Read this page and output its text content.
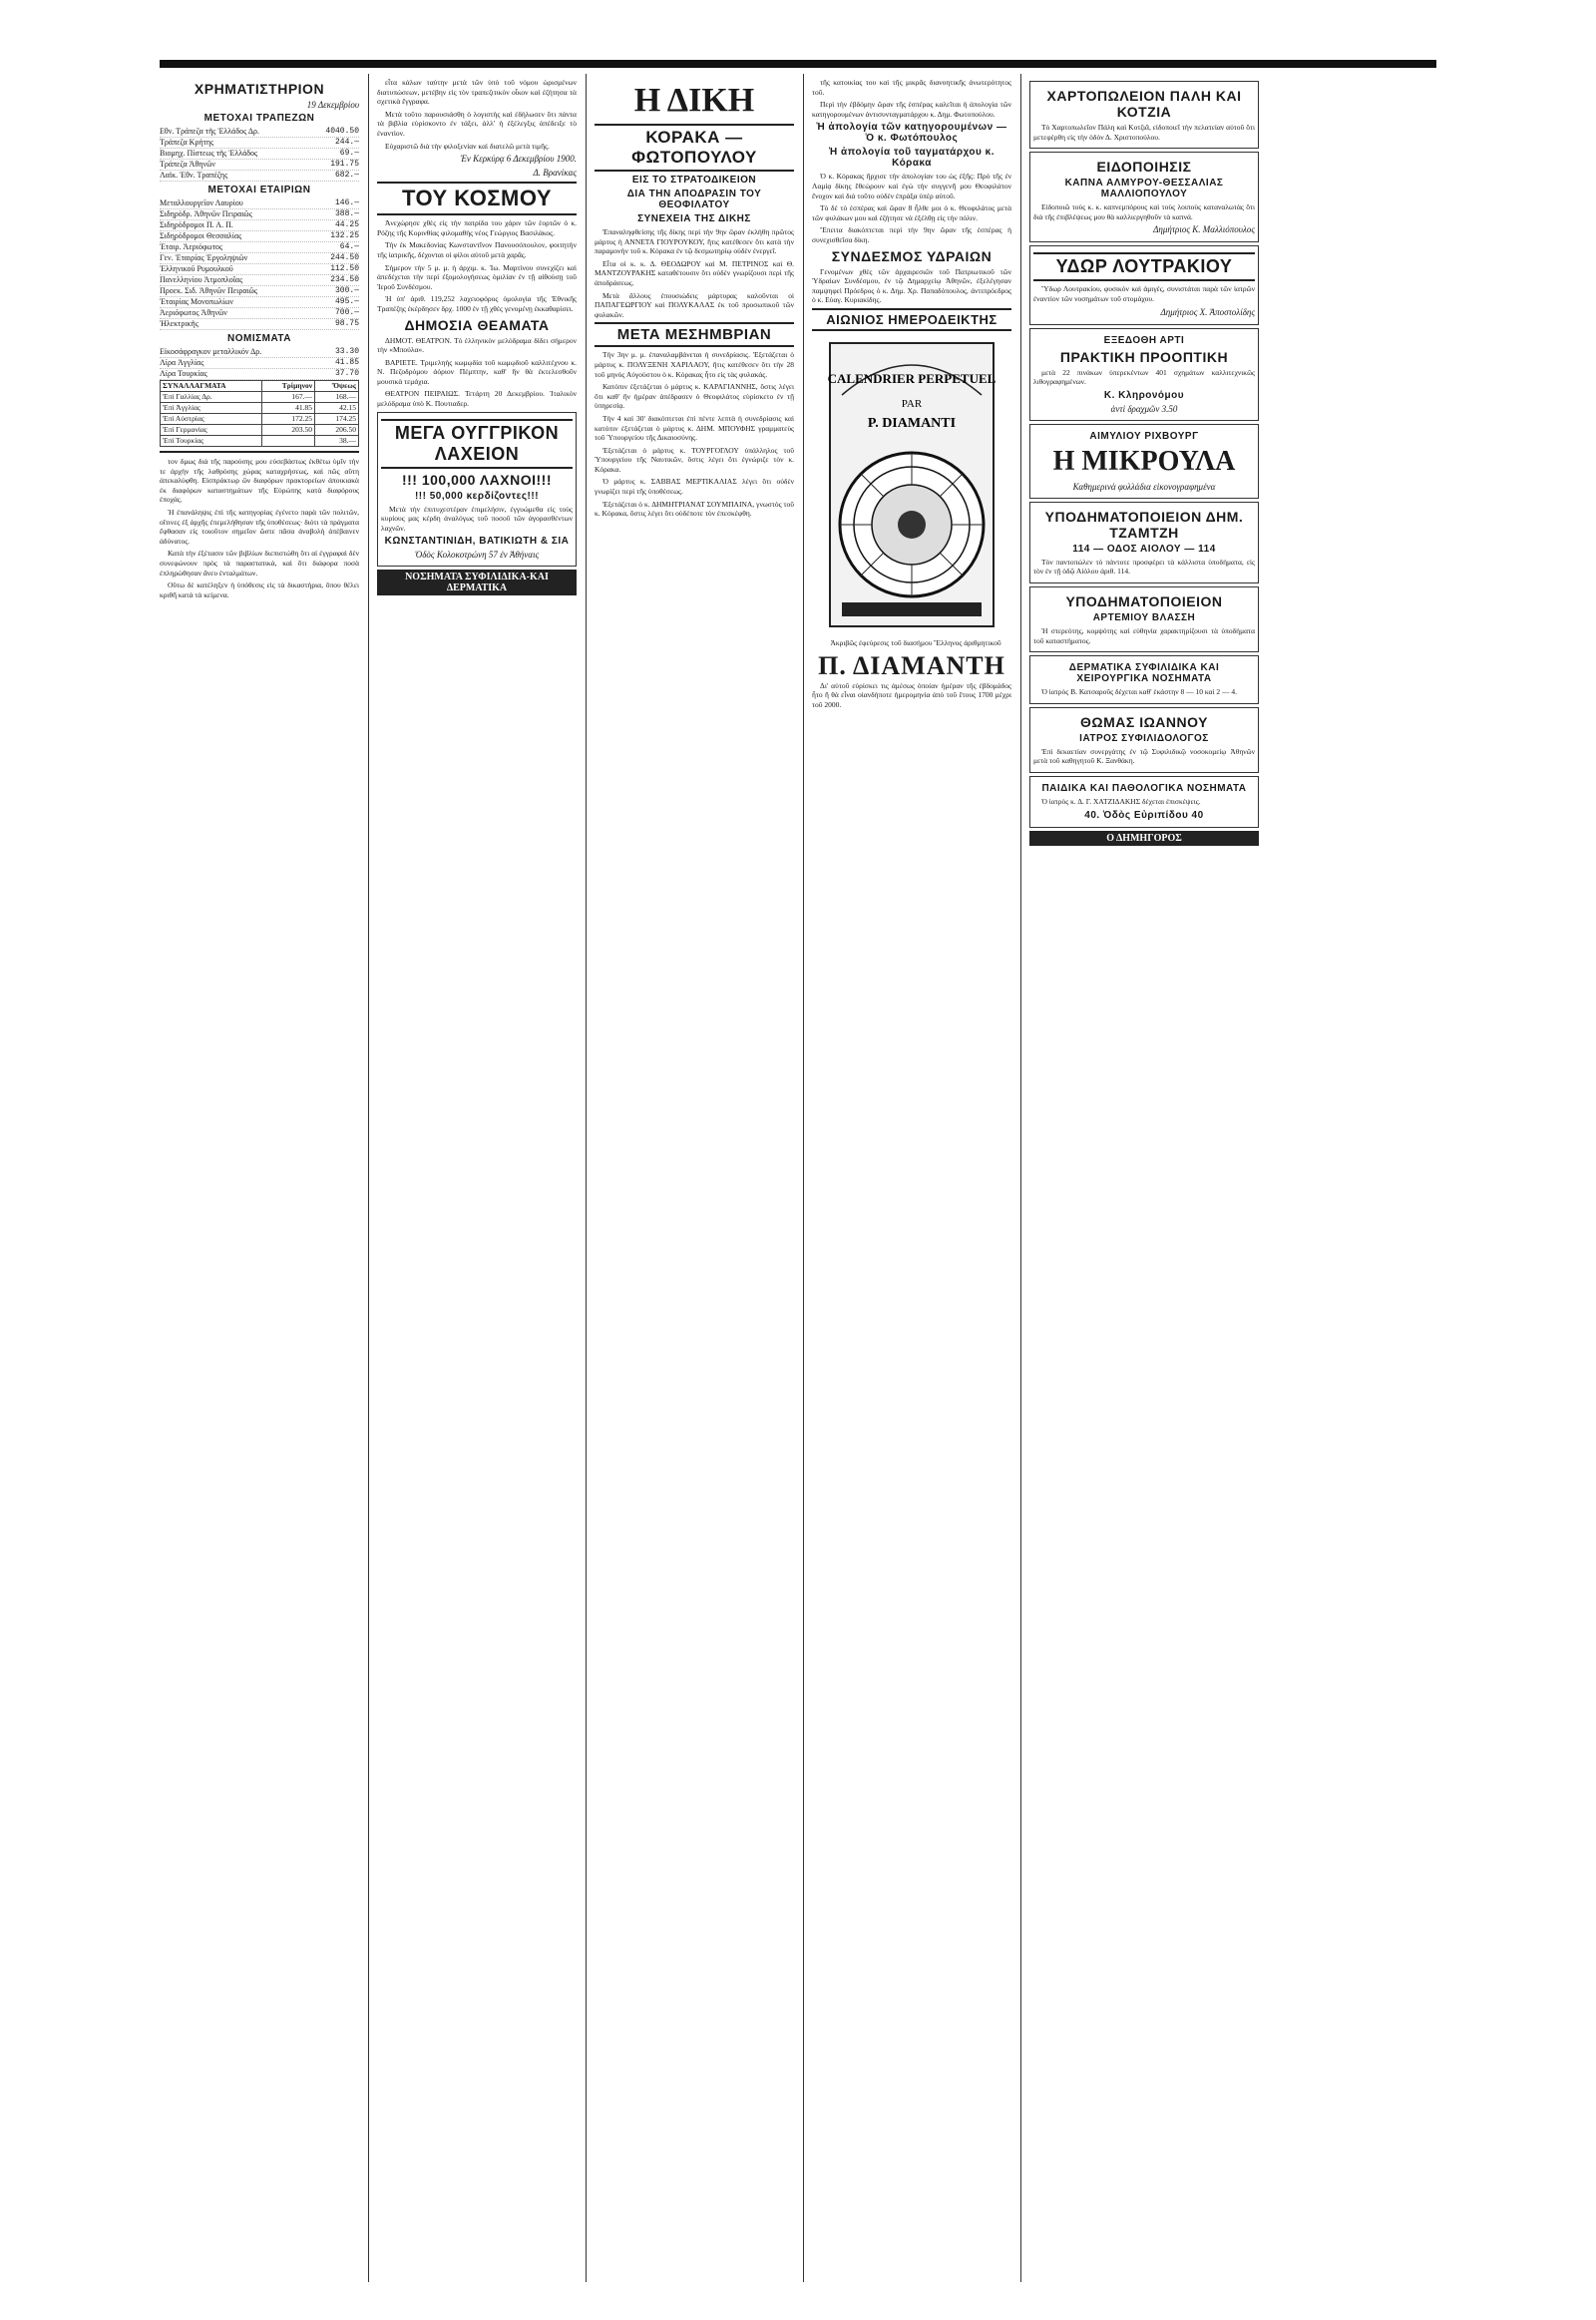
ΧΡΗΜΑΤΙΣΤΗΡΙΟΝ
19 Δεκεμβρίου
ΜΕΤΟΧΑΙ ΤΡΑΠΕΖΩΝ
Εθν. Τράπεζα τῆς Ἑλλάδος Δρ.	4040.50
Τράπεζα Κρήτης	244.—
Βιομηχ. Πίστεως τῆς Ἑλλάδος	69.—
Τράπεζα Ἀθηνῶν	191.75
Λαϊκ. Ἐθν. Τραπέζης	682.—
ΜΕΤΟΧΑΙ ΕΤΑΙΡΙΩΝ
Μεταλλουργεῖον Λαυρίου	146.—
Σιδηρόδρ. Ἀθηνῶν Πειραιῶς	388.—
Σιδηρόδρομοι Π. Α. Π.	44.25
Σιδηρόδρομοι Θεσσαλίας	132.25
Ἑταιρ. Ἀεριόφωτος	64.—
Γεν. Ἑταιρίας Ἐργοληψιῶν	244.50
Ἑλληνικοῦ Ρυμουλκοῦ	112.50
Πανελληνίου Ἀτμοπλοΐας	234.50
Προεκ. Σιδ. Ἀθηνῶν Πειραιῶς	300.—
Ἑταιρίας Μονοπωλίων	495.—
Ἀεριόφωτος Ἀθηνῶν	700.—
Ἠλεκτρικῆς	98.75
ΝΟΜΙΣΜΑΤΑ
Εἰκοσάφραγκον μεταλλικόν Δρ.	33.30
Λίρα Ἀγγλίας	41.85
Λίρα Τουρκίας	37.70
ΣΥΝΑΛΛΑΓΜΑΤΑ	Τρίμηνον	Ὄψεως
Ἐπὶ Γαλλίας Δρ.	167.—	168.—
Ἐπὶ Ἀγγλίας	41.85	42.15
Ἐπὶ Αὐστρίας	172.25	174.25
Ἐπὶ Γερμανίας	203.50	206.50
Ἐπὶ Τουρκίας		38.—

τον δμως διὰ τῆς παρούσης μου εὐσεβάστως ἐκθέτω ὑμῖν τὴν τε ἀρχὴν τῆς λαθρόσης χώρας καταχρήσεως, καὶ πῶς αὕτη ἀπεκαλύφθη. Εἰσπράκτωρ ὢν διαφόρων πρακτορείων ἀποικιακὰ ἐκ διαφόρων καταστημάτων τῆς Εὐρώπης κατὰ διαφόρους ἐποχάς.

Ἡ ἐπανάληψις ἐπὶ τῆς κατηγορίας ἐγένετο παρὰ τῶν πολιτῶν, οἵτινες ἐξ ἀρχῆς ἐπεμελήθησαν τῆς ὑποθέσεως· διότι τὰ πράγματα ἔφθασαν εἰς τοιοῦτον σημεῖον ὥστε πᾶσα ἀναβολὴ ἀπέβαινεν ἀδύνατος.

Κατὰ τὴν ἐξέτασιν τῶν βιβλίων διεπιστώθη ὅτι αἱ ἐγγραφαὶ δὲν συνεφώνουν πρὸς τὰ παραστατικά, καὶ ὅτι διάφορα ποσὰ ἐπληρώθησαν ἄνευ ἐνταλμάτων.

Οὕτω δὲ κατέληξεν ἡ ὑπόθεσις εἰς τὰ δικαστήρια, ὅπου θέλει κριθῆ κατὰ τὰ κείμενα.

εἶτα κάλων ταύτην μετὰ τῶν ὑπὸ τοῦ νόμου ὡρισμένων διατυπώσεων, μετέβην εἰς τὸν τραπεζιτικὸν οἶκον καὶ ἐζήτησα τὰ σχετικὰ ἔγγραφα.

Μετὰ τοῦτο παρουσιάσθη ὁ λογιστὴς καὶ ἐδήλωσεν ὅτι πάντα τὰ βιβλία εὑρίσκοντο ἐν τάξει, ἀλλ' ἡ ἐξέλεγξις ἀπέδειξε τὸ ἐναντίον.

Εὐχαριστῶ διὰ τὴν φιλοξενίαν καὶ διατελῶ μετὰ τιμῆς.

Ἐν Κερκύρᾳ 6 Δεκεμβρίου 1900.
Δ. Βρανίκας
ΤΟΥ ΚΟΣΜΟΥ

Ἀνεχώρησε χθὲς εἰς τὴν πατρίδα του χάριν τῶν ἑορτῶν ὁ κ. Ρόζης τῆς Κορινθίας φιλομαθὴς νέος Γεώργιος Βασιλάκος.

Τὴν ἐκ Μακεδονίας Κωνσταντῖνον Πανουσόπουλον, φοιτητὴν τῆς ἰατρικῆς, δέχονται οἱ φίλοι αὐτοῦ μετὰ χαρᾶς.

Σήμερον τὴν 5 μ. μ. ἡ ἀρχιμ. κ. Ἰω. Μαρτίνου συνεχίζει καὶ ἀπεδέχεται τὴν περὶ ἐξομολογήσεως ὁμιλίαν ἐν τῇ αἰθούσῃ τοῦ Ἱεροῦ Συνδέσμου.

Ἡ ὑπ' ἀριθ. 119,252 λαχειοφόρος ὁμολογία τῆς Ἐθνικῆς Τραπέζης ἐκέρδησεν δρχ. 1000 ἐν τῇ χθὲς γενομένῃ ἐκκαθαρίσει.

ΔΗΜΟΣΙΑ ΘΕΑΜΑΤΑ

ΔΗΜΟΤ. ΘΕΑΤΡΟΝ. Τὸ ἑλληνικὸν μελόδραμα δίδει σήμερον τὴν «Μπούλα».

ΒΑΡΙΕΤΕ. Τριμεληὴς κωμῳδία τοῦ κωμῳδιοῦ καλλιτέχνου κ. Ν. Πεζοδρόμου ἀόριον Πέμπτην, καθ' ἣν θὰ ἐκτελεσθοῦν μουσικὰ τεμάχια.

ΘΕΑΤΡΟΝ ΠΕΙΡΑΙΩΣ. Τετάρτη 20 Δεκεμβρίου. Ἰταλικὸν μελόδραμα ὑπὸ Κ. Πουτιαδερ.

ΜΕΓΑ ΟΥΓΓΡΙΚΟΝ ΛΑΧΕΙΟΝ
!!! 100,000 ΛΑΧΝΟΙ!!!
!!! 50,000 κερδίζοντες!!!

Μετὰ τὴν ἐπιτυχεστέραν ἐπιμελήσιν, ἐγγυώμεθα εἰς τοὺς κυρίους μας κέρδη ἀναλόγως τοῦ ποσοῦ τῶν ἀγορασθέντων λαχνῶν.

ΚΩΝΣΤΑΝΤΙΝΙΔΗ, ΒΑΤΙΚΙΩΤΗ & ΣΙΑ
Ὁδὸς Κολοκοτρώνη 57 ἐν Ἀθήναις
ΝΟΣΗΜΑΤΑ ΣΥΦΙΛΙΔΙΚΑ-ΚΑΙ ΔΕΡΜΑΤΙΚΑ
Η ΔΙΚΗ
ΚΟΡΑΚΑ — ΦΩΤΟΠΟΥΛΟΥ
ΕΙΣ ΤΟ ΣΤΡΑΤΟΔΙΚΕΙΟΝ
ΔΙΑ ΤΗΝ ΑΠΟΔΡΑΣΙΝ ΤΟΥ ΘΕΟΦΙΛΑΤΟΥ
ΣΥΝΕΧΕΙΑ ΤΗΣ ΔΙΚΗΣ

Ἐπαναληφθείσης τῆς δίκης περὶ τὴν 9ην ὥραν ἐκλήθη πρῶτος μάρτυς ἡ ΑΝΝΕΤΑ ΓΙΟΥΡΟΥΚΟΥ, ἥτις κατέθεσεν ὅτι κατὰ τὴν παραμονὴν τοῦ κ. Κόρακα ἐν τῷ δεσμωτηρίῳ οὐδὲν ἐνεργεῖ.

Εἶτα οἱ κ. κ. Δ. ΘΕΟΔΩΡΟΥ καὶ Μ. ΠΕΤΡΙΝΟΣ καὶ Θ. ΜΑΝΤΖΟΥΡΑΚΗΣ καταθέτουσιν ὅτι οὐδὲν γνωρίζουσι περὶ τῆς ἀποδράσεως.

Μετὰ ἄλλους ἐπουσιώδεις μάρτυρας καλοῦνται οἱ ΠΑΠΑΓΕΩΡΓΙΟΥ καὶ ΠΟΛΥΚΑΛΑΣ ἐκ τοῦ προσωπικοῦ τῶν φυλακῶν.

ΜΕΤΑ ΜΕΣΗΜΒΡΙΑΝ

Τὴν 3ην μ. μ. ἐπαναλαμβάνεται ἡ συνεδρίασις. Ἐξετάζεται ὁ μάρτυς κ. ΠΟΛΥΞΕΝΗ ΧΑΡΙΛΑΟΥ, ἥτις κατέθεσεν ὅτι τὴν 28 τοῦ μηνὸς Αὐγούστου ὁ κ. Κόρακας ἦτο εἰς τὰς φυλακάς.

Κατόπιν ἐξετάζεται ὁ μάρτυς κ. ΚΑΡΑΓΙΑΝΝΗΣ, ὅστις λέγει ὅτι καθ' ἣν ἡμέραν ἀπέδρασεν ὁ Θεοφιλάτος εὑρίσκετο ἐν τῇ ὑπηρεσίᾳ.

Τὴν 4 καὶ 30' διακόπτεται ἐπὶ πέντε λεπτὰ ἡ συνεδρίασις καὶ κατόπιν ἐξετάζεται ὁ μάρτυς κ. ΔΗΜ. ΜΠΟΥΦΗΣ γραμματεὺς τοῦ Ὑπουργείου τῆς Δικαιοσύνης.

Ἐξετάζεται ὁ μάρτυς κ. ΤΟΥΡΓΟΓΛΟΥ ὑπάλληλος τοῦ Ὑπουργείου τῆς Ναυτικῶν, ὅστις λέγει ὅτι ἐγνώριζε τὸν κ. Κόρακα.

Ὁ μάρτυς κ. ΣΑΒΒΑΣ ΜΕΡΤΙΚΑΛΙΑΣ λέγει ὅτι οὐδὲν γνωρίζει περὶ τῆς ὑποθέσεως.

Ἐξετάζεται ὁ κ. ΔΗΜΗΤΡΙΑΝΑΤ ΣΟΥΜΠΑΙΝΑ, γνωστὸς τοῦ κ. Κόρακα, ὅστις λέγει ὅτι οὐδέποτε τὸν ἐπεσκέφθη.

τῆς κατοικίας του καὶ τῆς μικρᾶς διανοητικῆς ἀνωτερότητος τοῦ.

Περὶ τὴν ἑβδόμην ὥραν τῆς ἑσπέρας καλεῖται ἡ ἀπολογία τῶν κατηγορουμένων ἀντισυνταγματάρχου κ. Δημ. Φωτοπούλου.

Ἡ ἀπολογία τῶν κατηγορουμένων — Ὁ κ. Φωτόπουλος
Ἡ ἀπολογία τοῦ ταγματάρχου κ. Κόρακα

Ὁ κ. Κόρακας ἤρχισε τὴν ἀπολογίαν του ὡς ἑξῆς: Πρὸ τῆς ἐν Λαμίᾳ δίκης ἔθεώρουν καὶ ἐγὼ τὴν συγγενῆ μου Θεοφιλάτον ἔνοχον καὶ διὰ τοῦτο οὐδὲν ἐπράξα ὑπὲρ αὐτοῦ.

Τὸ δὲ τὸ ἑσπέρας καὶ ὥραν 8 ἦλθε μοι ὁ κ. Θεοφιλάτος μετὰ τῶν φυλάκων μου καὶ ἐζήτησε νὰ ἐξέλθῃ εἰς τὴν πόλιν.

Ἔπειτα διακόπτεται περὶ τὴν 9ην ὥραν τῆς ἑσπέρας ἡ συνεχισθεῖσα δίκη.

ΣΥΝΔΕΣΜΟΣ ΥΔΡΑΙΩΝ

Γενομένων χθὲς τῶν ἀρχαιρεσιῶν τοῦ Πατριωτικοῦ τῶν Ὑδραίων Συνδέσμου, ἐν τῷ Δημαρχείῳ Ἀθηνῶν, ἐξελέγησαν παμψηφεὶ Πρόεδρος ὁ κ. Δημ. Χρ. Παπαδόπουλος, ἀντιπρόεδρος ὁ κ. Εὐαγ. Κυριακίδης.

ΑΙΩΝΙΟΣ ΗΜΕΡΟΔΕΙΚΤΗΣ
CALENDRIER PERPETUEL
PAR
P. DIAMANTI

Ἀκριβῶς ἐφεύρεσις τοῦ διασήμου Ἕλληνος ἀριθμητικοῦ

Π. ΔΙΑΜΑΝΤΗ

Δι' αὐτοῦ εὑρίσκει τις ἀμέσως ὁποίαν ἡμέραν τῆς ἑβδομάδος ἦτο ἢ θὰ εἶναι οἱανδήποτε ἡμερομηνία ἀπὸ τοῦ ἔτους 1700 μέχρι τοῦ 2000.

ΧΑΡΤΟΠΩΛΕΙΟΝ ΠΑΛΗ ΚΑΙ ΚΟΤΖΙΑ

Τὸ Χαρτοπωλεῖον Πάλη καὶ Κοτζιᾶ, εἰδοποιεῖ τὴν πελατείαν αὐτοῦ ὅτι μετεφέρθη εἰς τὴν ὁδὸν Δ. Χριστοπούλου.

ΕΙΔΟΠΟΙΗΣΙΣ
ΚΑΠΝΑ ΑΛΜΥΡΟΥ-ΘΕΣΣΑΛΙΑΣ ΜΑΛΛΙΟΠΟΥΛΟΥ

Εἰδοποιῶ τοὺς κ. κ. καπνεμπόρους καὶ τοὺς λοιποὺς καταναλωτὰς ὅτι διὰ τῆς ἐπιβλέψεως μου θὰ καλλιεργηθοῦν τὰ καπνά.

Δημήτριος Κ. Μαλλιόπουλος
ΥΔΩΡ ΛΟΥΤΡΑΚΙΟΥ

Ὕδωρ Λουτρακίου, φυσικὸν καὶ ἀμιγές, συνιστάται παρὰ τῶν ἰατρῶν ἐναντίον τῶν νοσημάτων τοῦ στομάχου.

Δημήτριος Χ. Ἀποστολίδης
ΕΞΕΔΟΘΗ ΑΡΤΙ
ΠΡΑΚΤΙΚΗ ΠΡΟΟΠΤΙΚΗ

μετὰ 22 πινάκων ὑπερεκέντων 401 σχημάτων καλλιτεχνικῶς λιθογραφημένων.

Κ. Κληρονόμου
ἀντὶ δραχμῶν 3.50
ΑΙΜΥΛΙΟΥ ΡΙΧΒΟΥΡΓ
Η ΜΙΚΡΟΥΛΑ
Καθημερινὰ φυλλάδια εἰκονογραφημένα
ΥΠΟΔΗΜΑΤΟΠΟΙΕΙΟΝ ΔΗΜ. ΤΖΑΜΤΖΗ
114 — ΟΔΟΣ ΑΙΟΛΟΥ — 114

Τὸν παντοπώλεν τὸ πάντοτε προσφέρει τὰ κάλλιστα ὑποδήματα, εἰς τὸν ἐν τῇ ὁδῷ Αἰόλου ἀριθ. 114.

ΥΠΟΔΗΜΑΤΟΠΟΙΕΙΟΝ
ΑΡΤΕΜΙΟΥ ΒΛΑΣΣΗ

Ἡ στερεότης, κομψότης καὶ εὐθηνία χαρακτηρίζουσι τὰ ὑποδήματα τοῦ καταστήματος.

ΔΕΡΜΑΤΙΚΑ ΣΥΦΙΛΙΔΙΚΑ ΚΑΙ ΧΕΙΡΟΥΡΓΙΚΑ ΝΟΣΗΜΑΤΑ

Ὁ ἰατρὸς Β. Κατσαροῦς δέχεται καθ' ἑκάστην 8 — 10 καὶ 2 — 4.

ΘΩΜΑΣ ΙΩΑΝΝΟΥ
ΙΑΤΡΟΣ ΣΥΦΙΛΙΔΟΛΟΓΟΣ

Ἐπὶ δεκαετίαν συνεργάτης ἐν τῷ Συφιλιδικῷ νοσοκομείῳ Ἀθηνῶν μετὰ τοῦ καθηγητοῦ Κ. Ξανθάκη.

ΠΑΙΔΙΚΑ ΚΑΙ ΠΑΘΟΛΟΓΙΚΑ ΝΟΣΗΜΑΤΑ

Ὁ ἰατρὸς κ. Δ. Γ. ΧΑΤΖΙΔΑΚΗΣ δέχεται ἐπισκέψεις.

40. Ὁδὸς Εὐριπίδου 40
Ο ΔΗΜΗΓΟΡΟΣ
